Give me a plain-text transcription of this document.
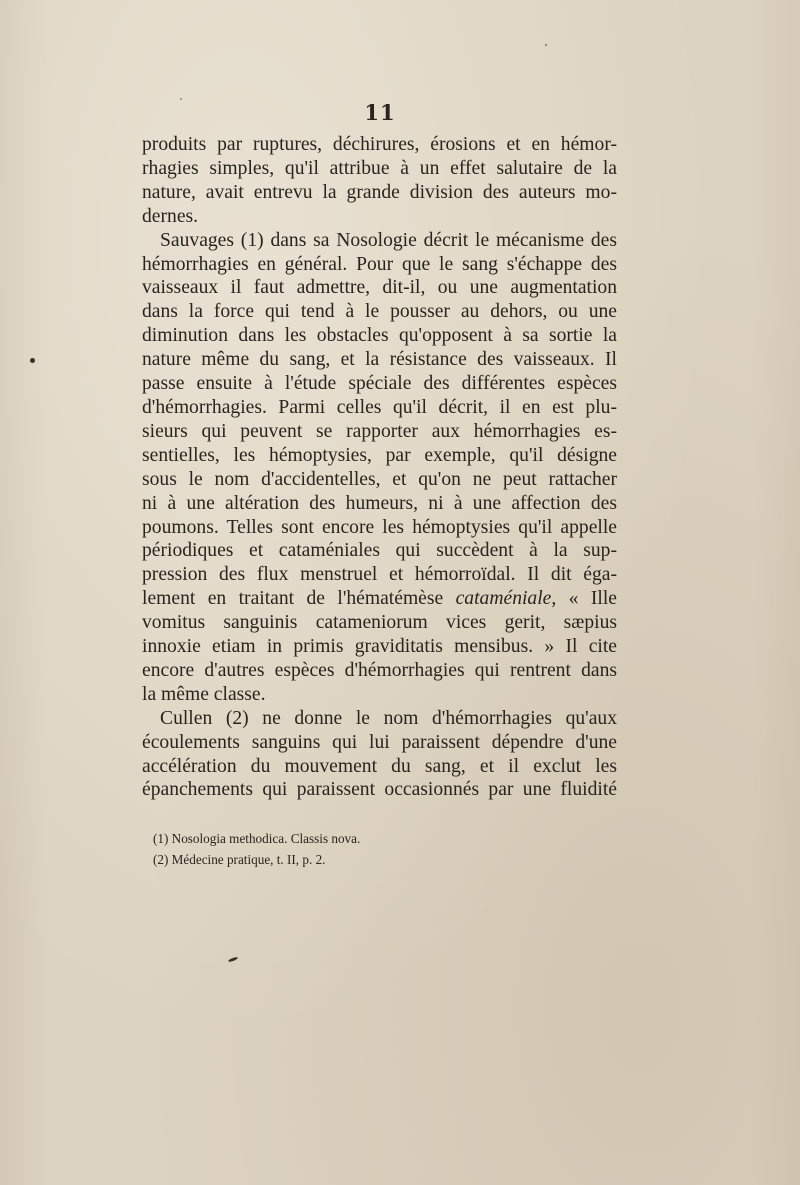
11
produits par ruptures, déchirures, érosions et en hémor-
rhagies simples, qu'il attribue à un effet salutaire de la
nature, avait entrevu la grande division des auteurs mo-
dernes.
Sauvages (1) dans sa Nosologie décrit le mécanisme des
hémorrhagies en général. Pour que le sang s'échappe des
vaisseaux il faut admettre, dit-il, ou une augmentation
dans la force qui tend à le pousser au dehors, ou une
diminution dans les obstacles qu'opposent à sa sortie la
nature même du sang, et la résistance des vaisseaux. Il
passe ensuite à l'étude spéciale des différentes espèces
d'hémorrhagies. Parmi celles qu'il décrit, il en est plu-
sieurs qui peuvent se rapporter aux hémorrhagies es-
sentielles, les hémoptysies, par exemple, qu'il désigne
sous le nom d'accidentelles, et qu'on ne peut rattacher
ni à une altération des humeurs, ni à une affection des
poumons. Telles sont encore les hémoptysies qu'il appelle
périodiques et cataméniales qui succèdent à la sup-
pression des flux menstruel et hémorroïdal. Il dit éga-
lement en traitant de l'hématémèse cataméniale, « Ille
vomitus sanguinis catameniorum vices gerit, sæpius
innoxie etiam in primis graviditatis mensibus. » Il cite
encore d'autres espèces d'hémorrhagies qui rentrent dans
la même classe.
Cullen (2) ne donne le nom d'hémorrhagies qu'aux
écoulements sanguins qui lui paraissent dépendre d'une
accélération du mouvement du sang, et il exclut les
épanchements qui paraissent occasionnés par une fluidité
(1) Nosologia methodica. Classis nova.
(2) Médecine pratique, t. II, p. 2.
